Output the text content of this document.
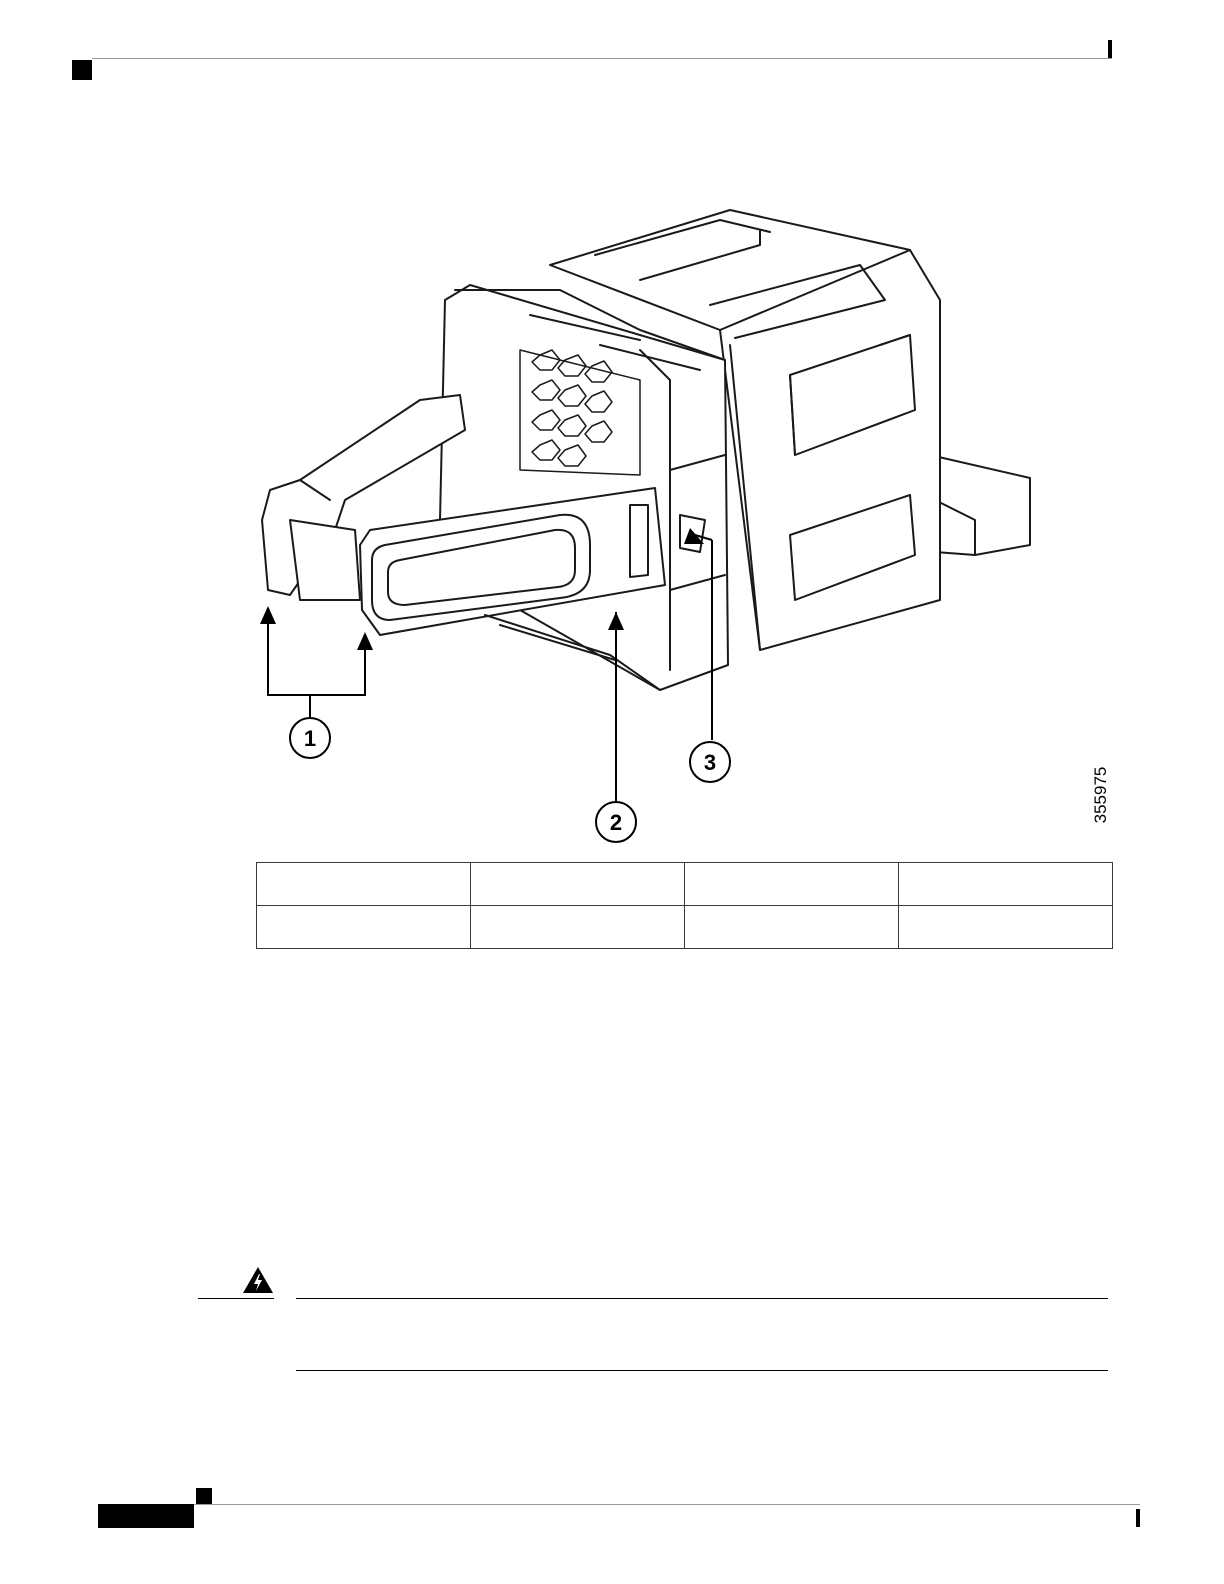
1
2
3
355975
